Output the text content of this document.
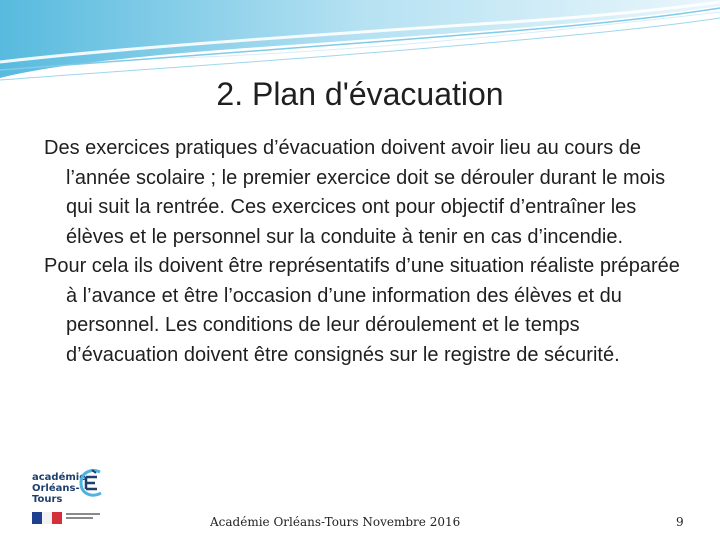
2. Plan d'évacuation

Des exercices pratiques d’évacuation doivent avoir lieu au cours de l’année scolaire ; le premier exercice doit se dérouler durant le mois qui suit la rentrée. Ces exercices ont pour objectif d’entraîner les élèves et le personnel sur la conduite à tenir en cas d’incendie.

Pour cela ils doivent être représentatifs d’une situation réaliste préparée à l’avance et être l’occasion d’une information des élèves et du personnel. Les conditions de leur déroulement et le temps d’évacuation doivent être consignés sur le registre de sécurité.

académie
Orléans-Tours
Académie Orléans-Tours Novembre 2016	9
